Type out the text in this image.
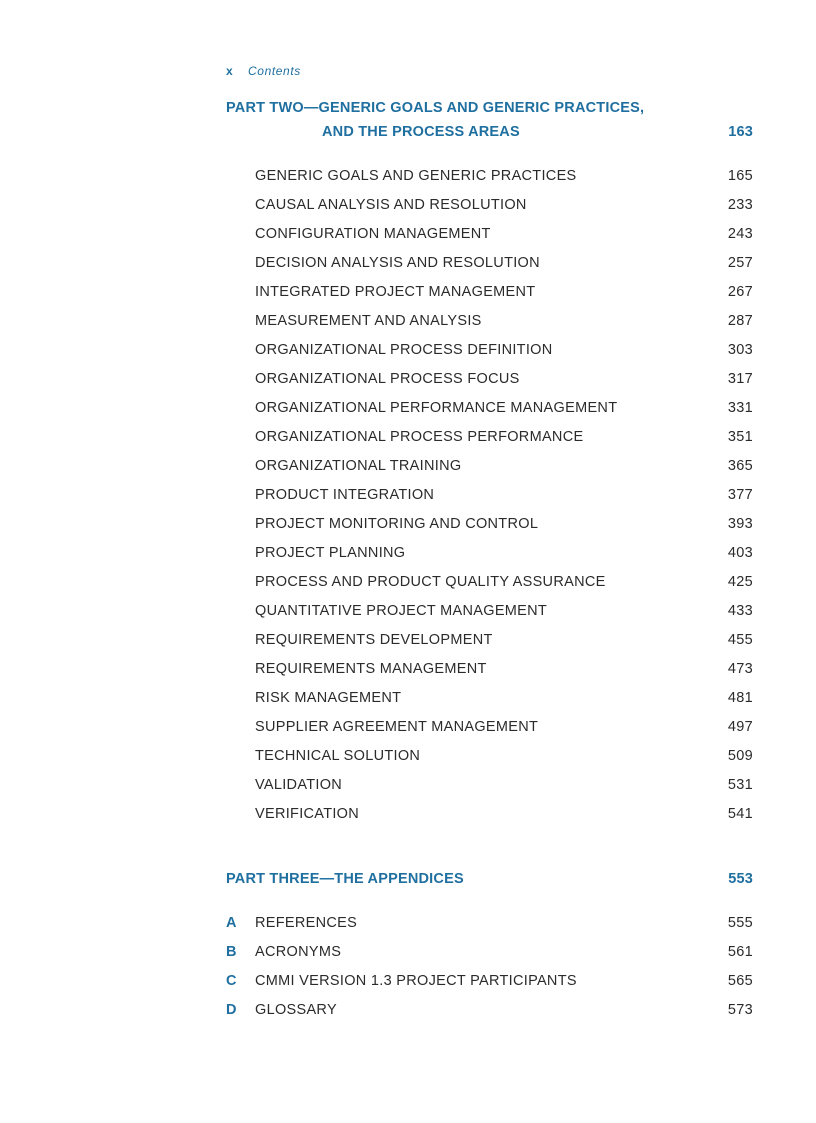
x Contents
PART TWO—GENERIC GOALS AND GENERIC PRACTICES,
AND THE PROCESS AREAS	163
GENERIC GOALS AND GENERIC PRACTICES	165
CAUSAL ANALYSIS AND RESOLUTION	233
CONFIGURATION MANAGEMENT	243
DECISION ANALYSIS AND RESOLUTION	257
INTEGRATED PROJECT MANAGEMENT	267
MEASUREMENT AND ANALYSIS	287
ORGANIZATIONAL PROCESS DEFINITION	303
ORGANIZATIONAL PROCESS FOCUS	317
ORGANIZATIONAL PERFORMANCE MANAGEMENT	331
ORGANIZATIONAL PROCESS PERFORMANCE	351
ORGANIZATIONAL TRAINING	365
PRODUCT INTEGRATION	377
PROJECT MONITORING AND CONTROL	393
PROJECT PLANNING	403
PROCESS AND PRODUCT QUALITY ASSURANCE	425
QUANTITATIVE PROJECT MANAGEMENT	433
REQUIREMENTS DEVELOPMENT	455
REQUIREMENTS MANAGEMENT	473
RISK MANAGEMENT	481
SUPPLIER AGREEMENT MANAGEMENT	497
TECHNICAL SOLUTION	509
VALIDATION	531
VERIFICATION	541
PART THREE—THE APPENDICES	553
A	REFERENCES	555
B	ACRONYMS	561
C	CMMI VERSION 1.3 PROJECT PARTICIPANTS	565
D	GLOSSARY	573
